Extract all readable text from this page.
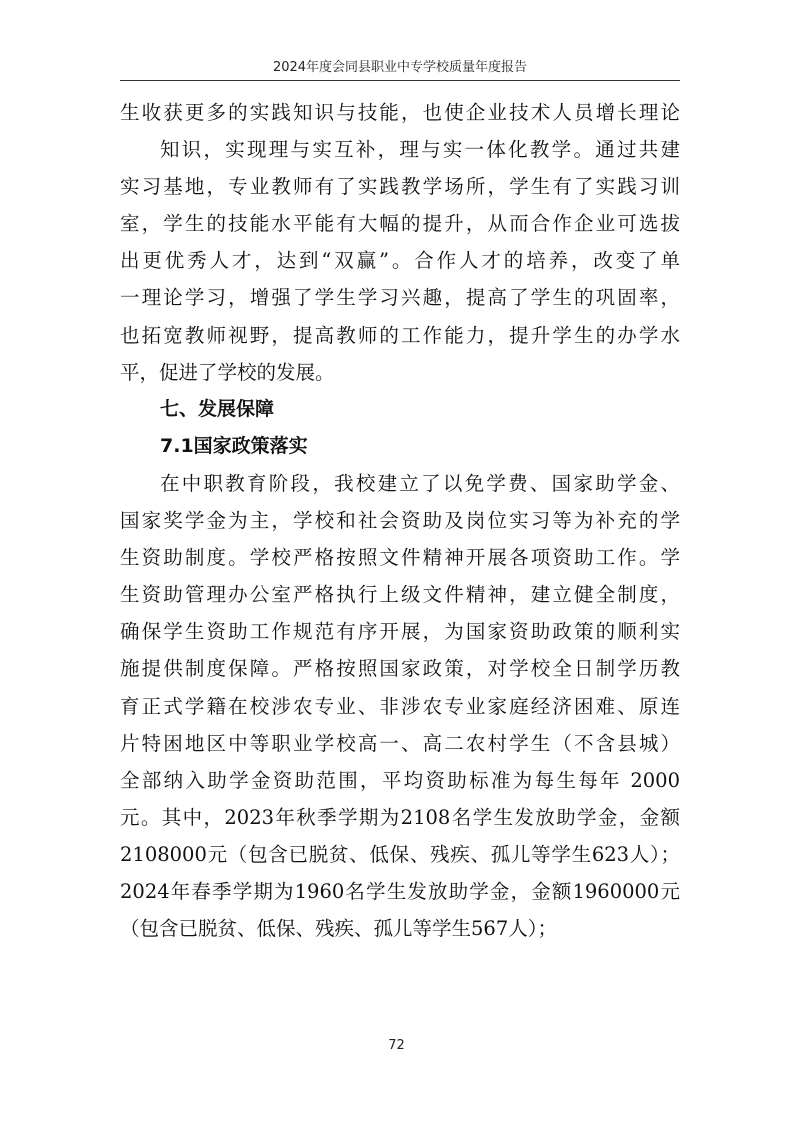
2024年度会同县职业中专学校质量年度报告
生收获更多的实践知识与技能，也使企业技术人员增长理论
知识，实现理与实互补，理与实一体化教学。通过共建
实习基地，专业教师有了实践教学场所，学生有了实践习训
室，学生的技能水平能有大幅的提升，从而合作企业可选拔
出更优秀人才，达到“双赢”。合作人才的培养，改变了单
一理论学习，增强了学生学习兴趣，提高了学生的巩固率，
也拓宽教师视野，提高教师的工作能力，提升学生的办学水
平，促进了学校的发展。
七、发展保障
7.1国家政策落实
在中职教育阶段，我校建立了以免学费、国家助学金、
国家奖学金为主，学校和社会资助及岗位实习等为补充的学
生资助制度。学校严格按照文件精神开展各项资助工作。学
生资助管理办公室严格执行上级文件精神，建立健全制度，
确保学生资助工作规范有序开展，为国家资助政策的顺利实
施提供制度保障。严格按照国家政策，对学校全日制学历教
育正式学籍在校涉农专业、非涉农专业家庭经济困难、原连
片特困地区中等职业学校高一、高二农村学生（不含县城）
全部纳入助学金资助范围，平均资助标准为每生每年 2000
元。其中，2023年秋季学期为2108名学生发放助学金，金额
2108000元（包含已脱贫、低保、残疾、孤儿等学生623人）；
2024年春季学期为1960名学生发放助学金，金额1960000元
（包含已脱贫、低保、残疾、孤儿等学生567人）；
72
